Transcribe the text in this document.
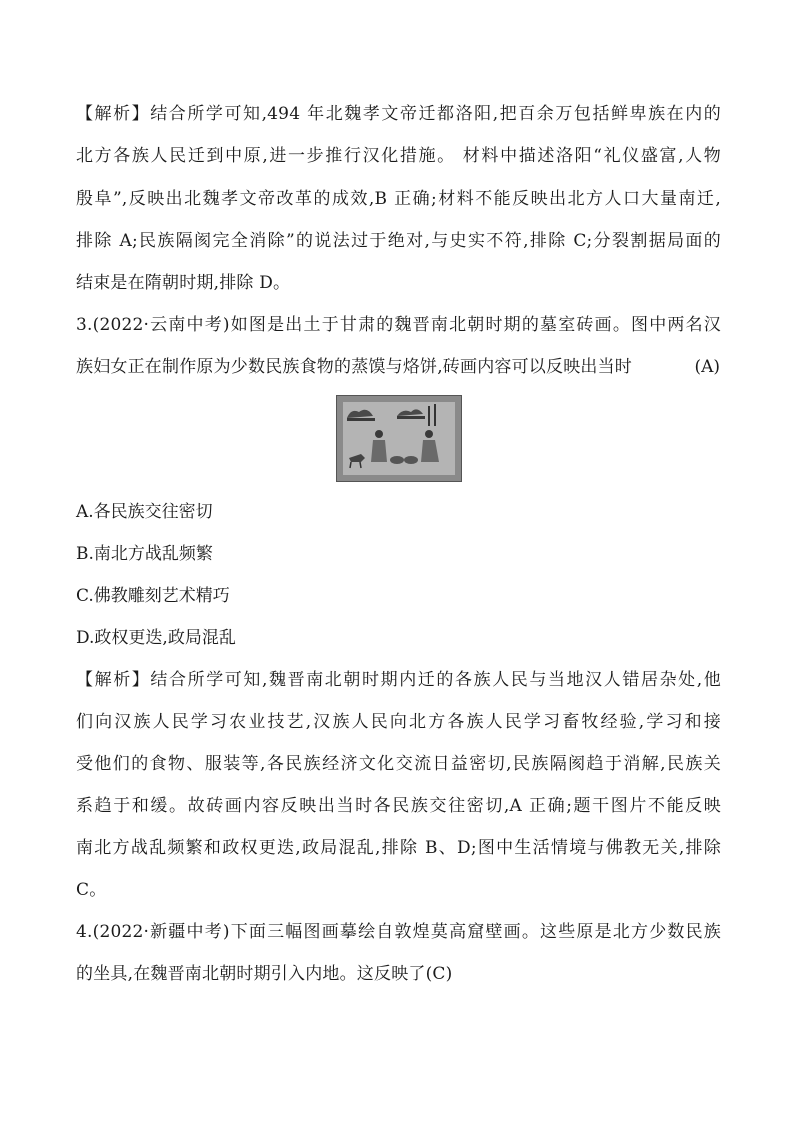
【解析】结合所学可知,494 年北魏孝文帝迁都洛阳,把百余万包括鲜卑族在内的
北方各族人民迁到中原,进一步推行汉化措施。 材料中描述洛阳“礼仪盛富,人物
殷阜”,反映出北魏孝文帝改革的成效,B 正确;材料不能反映出北方人口大量南迁,
排除 A;民族隔阂完全消除”的说法过于绝对,与史实不符,排除 C;分裂割据局面的
结束是在隋朝时期,排除 D。
3.(2022·云南中考)如图是出土于甘肃的魏晋南北朝时期的墓室砖画。图中两名汉
族妇女正在制作原为少数民族食物的蒸馍与烙饼,砖画内容可以反映出当时	(A)
A.各民族交往密切
B.南北方战乱频繁
C.佛教雕刻艺术精巧
D.政权更迭,政局混乱
【解析】结合所学可知,魏晋南北朝时期内迁的各族人民与当地汉人错居杂处,他
们向汉族人民学习农业技艺,汉族人民向北方各族人民学习畜牧经验,学习和接
受他们的食物、服装等,各民族经济文化交流日益密切,民族隔阂趋于消解,民族关
系趋于和缓。故砖画内容反映出当时各民族交往密切,A 正确;题干图片不能反映
南北方战乱频繁和政权更迭,政局混乱,排除 B、D;图中生活情境与佛教无关,排除
C。
4.(2022·新疆中考)下面三幅图画摹绘自敦煌莫高窟壁画。这些原是北方少数民族
的坐具,在魏晋南北朝时期引入内地。这反映了(C)
